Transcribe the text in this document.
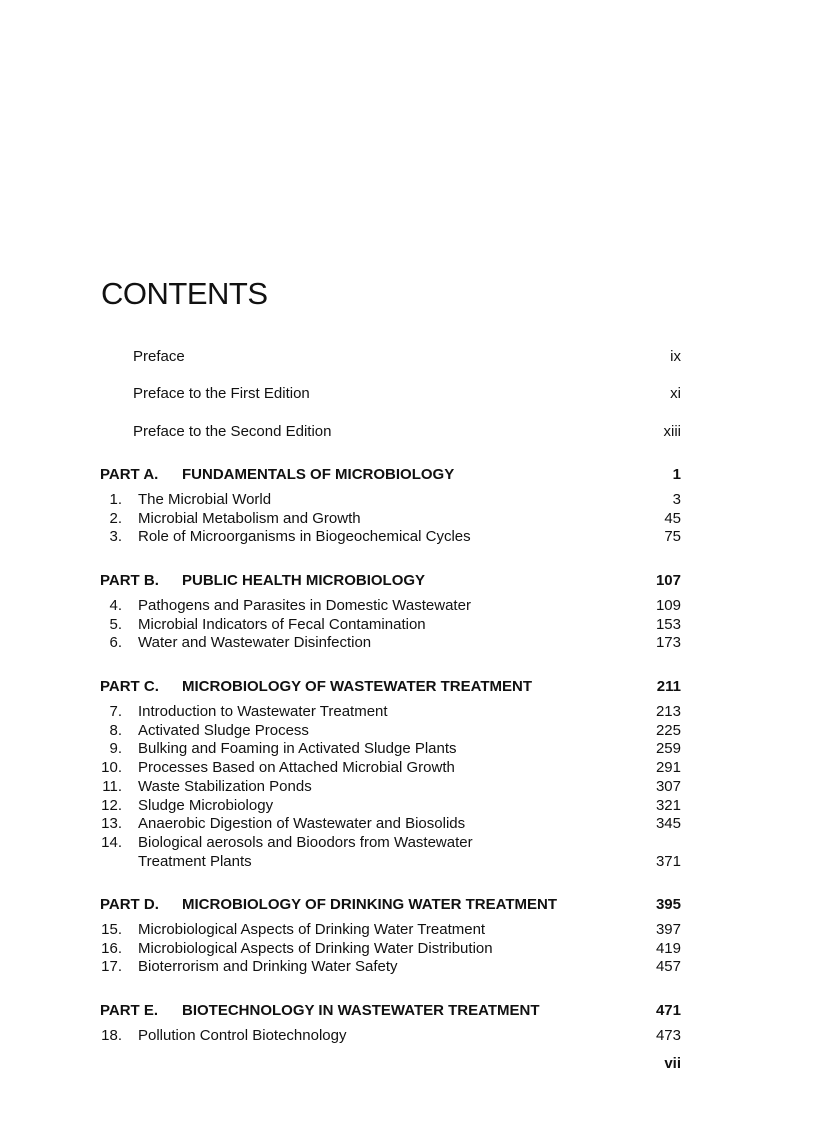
CONTENTS
Preface	ix
Preface to the First Edition	xi
Preface to the Second Edition	xiii
PART A. FUNDAMENTALS OF MICROBIOLOGY	1
1. The Microbial World	3
2. Microbial Metabolism and Growth	45
3. Role of Microorganisms in Biogeochemical Cycles	75
PART B. PUBLIC HEALTH MICROBIOLOGY	107
4. Pathogens and Parasites in Domestic Wastewater	109
5. Microbial Indicators of Fecal Contamination	153
6. Water and Wastewater Disinfection	173
PART C. MICROBIOLOGY OF WASTEWATER TREATMENT	211
7. Introduction to Wastewater Treatment	213
8. Activated Sludge Process	225
9. Bulking and Foaming in Activated Sludge Plants	259
10. Processes Based on Attached Microbial Growth	291
11. Waste Stabilization Ponds	307
12. Sludge Microbiology	321
13. Anaerobic Digestion of Wastewater and Biosolids	345
14. Biological aerosols and Bioodors from Wastewater
Treatment Plants	371
PART D. MICROBIOLOGY OF DRINKING WATER TREATMENT	395
15. Microbiological Aspects of Drinking Water Treatment	397
16. Microbiological Aspects of Drinking Water Distribution	419
17. Bioterrorism and Drinking Water Safety	457
PART E. BIOTECHNOLOGY IN WASTEWATER TREATMENT	471
18. Pollution Control Biotechnology	473
vii
